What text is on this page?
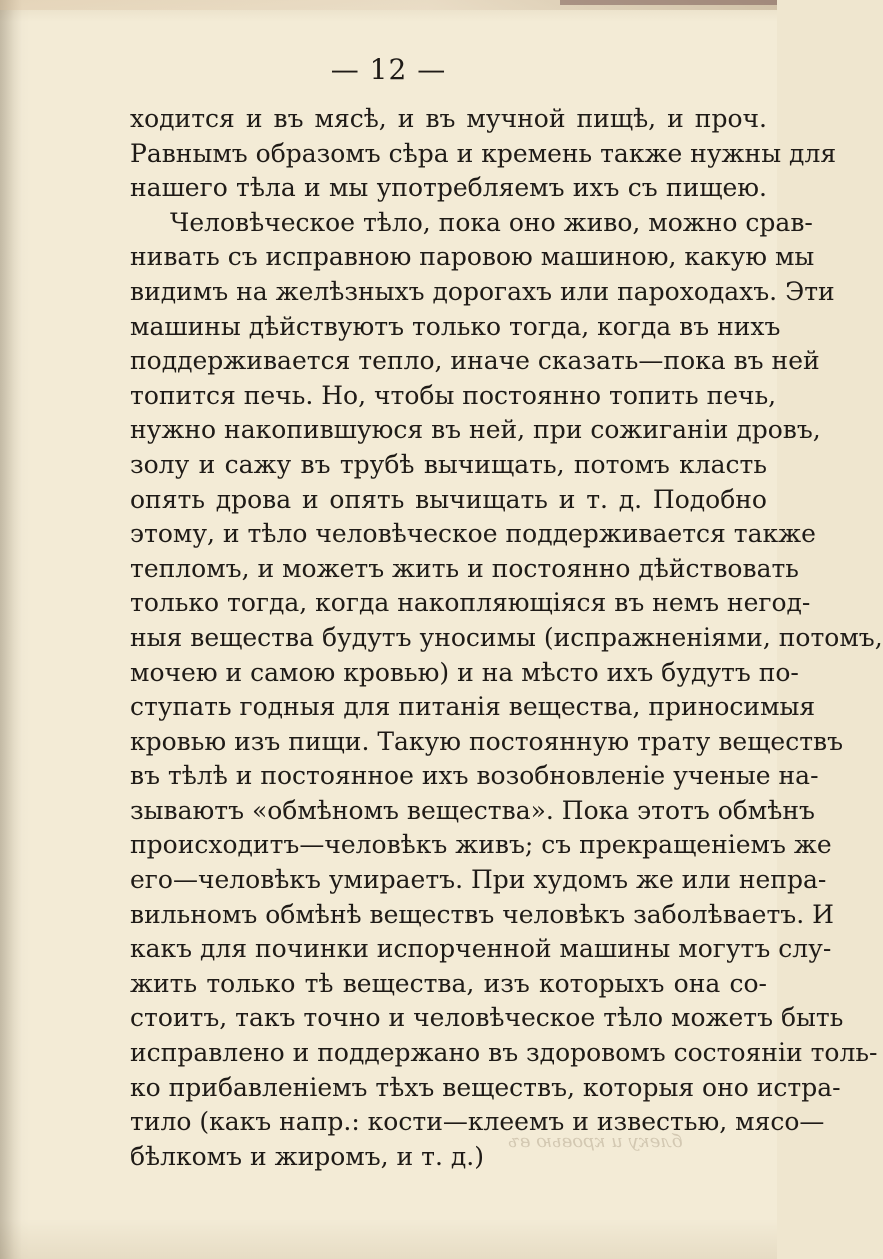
— 12 —
ходится и въ мясѣ, и въ мучной пищѣ, и проч.
Равнымъ образомъ сѣра и кремень также нужны для
нашего тѣла и мы употребляемъ ихъ съ пищею.
Человѣческое тѣло, пока оно живо, можно срав-
нивать съ исправною паровою машиною, какую мы
видимъ на желѣзныхъ дорогахъ или пароходахъ. Эти
машины дѣйствуютъ только тогда, когда въ нихъ
поддерживается тепло, иначе сказать—пока въ ней
топится печь. Но, чтобы постоянно топить печь,
нужно накопившуюся въ ней, при сожиганіи дровъ,
золу и сажу въ трубѣ вычищать, потомъ класть
опять дрова и опять вычищать и т. д. Подобно
этому, и тѣло человѣческое поддерживается также
тепломъ, и можетъ жить и постоянно дѣйствовать
только тогда, когда накопляющіяся въ немъ негод-
ныя вещества будутъ уносимы (испражненіями, потомъ,
мочею и самою кровью) и на мѣсто ихъ будутъ по-
ступать годныя для питанія вещества, приносимыя
кровью изъ пищи. Такую постоянную трату веществъ
въ тѣлѣ и постоянное ихъ возобновленіе ученые на-
зываютъ «обмѣномъ вещества». Пока этотъ обмѣнъ
происходитъ—человѣкъ живъ; съ прекращеніемъ же
его—человѣкъ умираетъ. При худомъ же или непра-
вильномъ обмѣнѣ веществъ человѣкъ заболѣваетъ. И
какъ для починки испорченной машины могутъ слу-
жить только тѣ вещества, изъ которыхъ она со-
стоитъ, такъ точно и человѣческое тѣло можетъ быть
исправлено и поддержано въ здоровомъ состояніи толь-
ко прибавленіемъ тѣхъ веществъ, которыя оно истра-
тило (какъ напр.: кости—клеемъ и известью, мясо—
бѣлкомъ и жиромъ, и т. д.)
блеку и кровью въ
